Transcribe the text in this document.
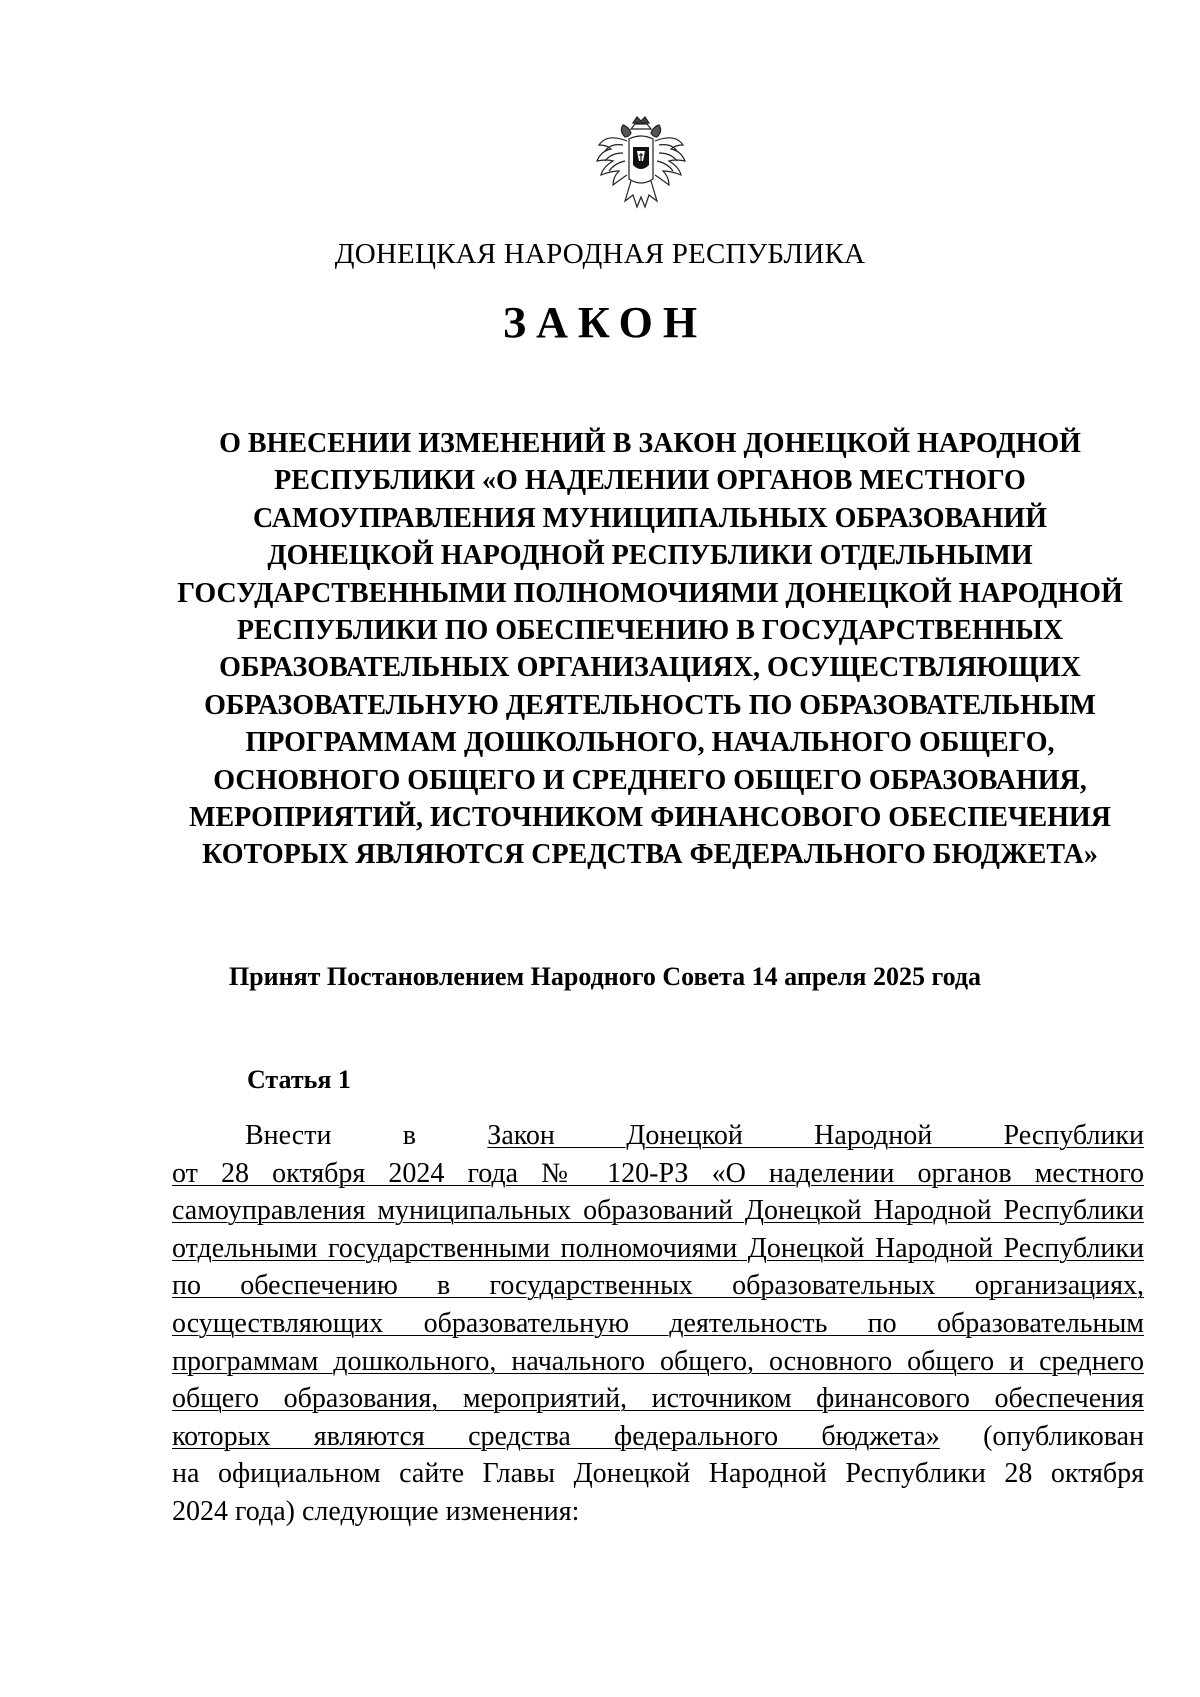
ДОНЕЦКАЯ НАРОДНАЯ РЕСПУБЛИКА
ЗАКОН
О ВНЕСЕНИИ ИЗМЕНЕНИЙ В ЗАКОН ДОНЕЦКОЙ НАРОДНОЙ
РЕСПУБЛИКИ «О НАДЕЛЕНИИ ОРГАНОВ МЕСТНОГО
САМОУПРАВЛЕНИЯ МУНИЦИПАЛЬНЫХ ОБРАЗОВАНИЙ
ДОНЕЦКОЙ НАРОДНОЙ РЕСПУБЛИКИ ОТДЕЛЬНЫМИ
ГОСУДАРСТВЕННЫМИ ПОЛНОМОЧИЯМИ ДОНЕЦКОЙ НАРОДНОЙ
РЕСПУБЛИКИ ПО ОБЕСПЕЧЕНИЮ В ГОСУДАРСТВЕННЫХ
ОБРАЗОВАТЕЛЬНЫХ ОРГАНИЗАЦИЯХ, ОСУЩЕСТВЛЯЮЩИХ
ОБРАЗОВАТЕЛЬНУЮ ДЕЯТЕЛЬНОСТЬ ПО ОБРАЗОВАТЕЛЬНЫМ
ПРОГРАММАМ ДОШКОЛЬНОГО, НАЧАЛЬНОГО ОБЩЕГО,
ОСНОВНОГО ОБЩЕГО И СРЕДНЕГО ОБЩЕГО ОБРАЗОВАНИЯ,
МЕРОПРИЯТИЙ, ИСТОЧНИКОМ ФИНАНСОВОГО ОБЕСПЕЧЕНИЯ
КОТОРЫХ ЯВЛЯЮТСЯ СРЕДСТВА ФЕДЕРАЛЬНОГО БЮДЖЕТА»
Принят Постановлением Народного Совета 14 апреля 2025 года
Статья 1
Внести	в	Закон Донецкой Народной Республики
от 28 октября 2024 года № 120-РЗ «О наделении органов местного
самоуправления муниципальных образований Донецкой Народной Республики
отдельными государственными полномочиями Донецкой Народной Республики
по обеспечению в государственных образовательных организациях,
осуществляющих образовательную деятельность по образовательным
программам дошкольного, начального общего, основного общего и среднего
общего образования, мероприятий, источником финансового обеспечения
которых являются средства федерального бюджета» (опубликован
на официальном сайте Главы Донецкой Народной Республики 28 октября
2024 года) следующие изменения:
